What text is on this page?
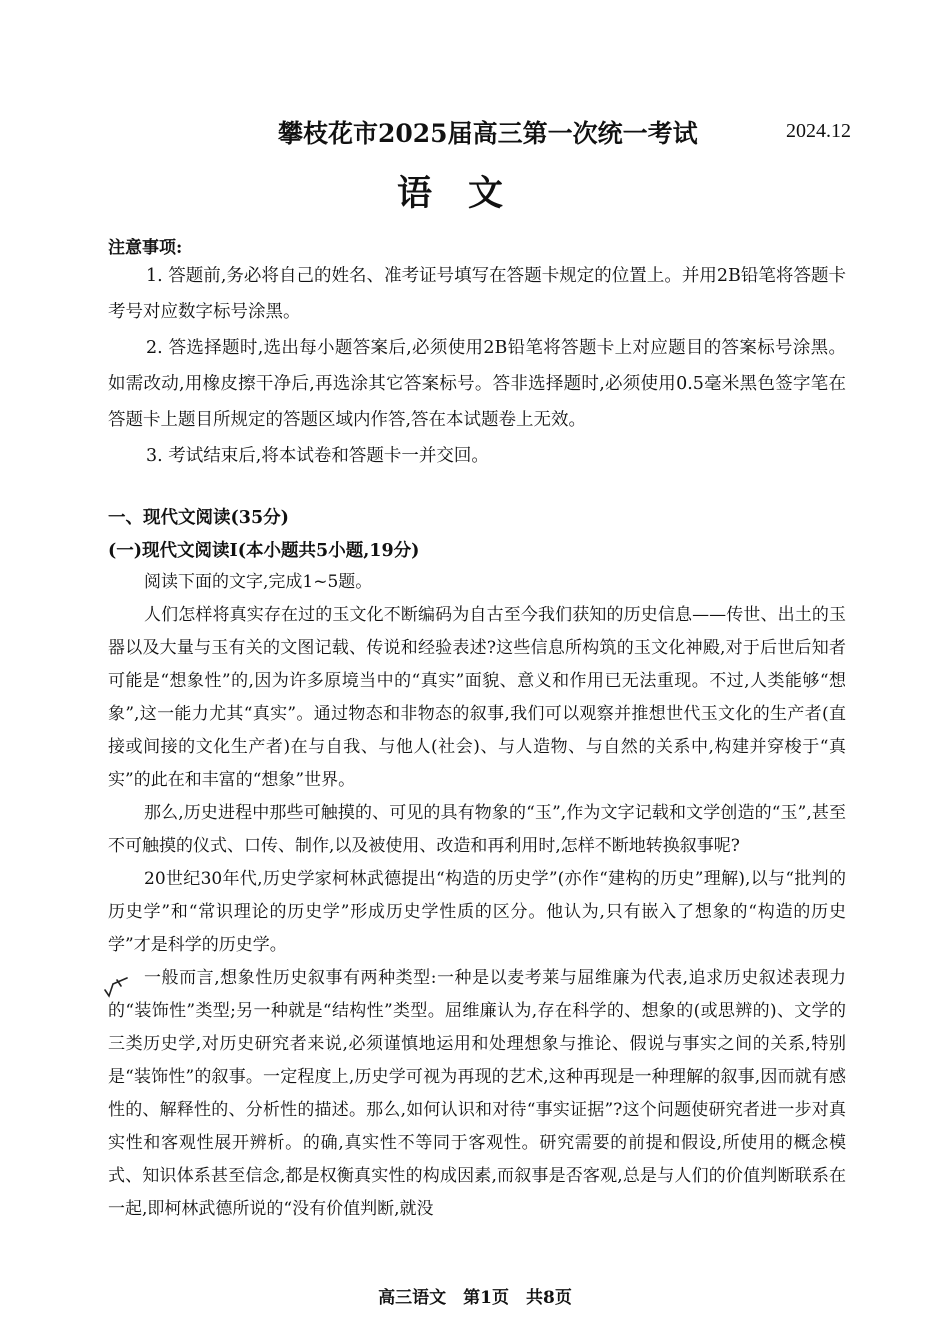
攀枝花市2025届高三第一次统一考试	2024.12
语文
注意事项:

1. 答题前,务必将自己的姓名、准考证号填写在答题卡规定的位置上。并用2B铅笔将答题卡考号对应数字标号涂黑。

2. 答选择题时,选出每小题答案后,必须使用2B铅笔将答题卡上对应题目的答案标号涂黑。如需改动,用橡皮擦干净后,再选涂其它答案标号。答非选择题时,必须使用0.5毫米黑色签字笔在答题卡上题目所规定的答题区域内作答,答在本试题卷上无效。

3. 考试结束后,将本试卷和答题卡一并交回。

一、现代文阅读(35分)
(一)现代文阅读Ⅰ(本小题共5小题,19分)

阅读下面的文字,完成1~5题。

人们怎样将真实存在过的玉文化不断编码为自古至今我们获知的历史信息——传世、出土的玉器以及大量与玉有关的文图记载、传说和经验表述?这些信息所构筑的玉文化神殿,对于后世后知者可能是“想象性”的,因为许多原境当中的“真实”面貌、意义和作用已无法重现。不过,人类能够“想象”,这一能力尤其“真实”。通过物态和非物态的叙事,我们可以观察并推想世代玉文化的生产者(直接或间接的文化生产者)在与自我、与他人(社会)、与人造物、与自然的关系中,构建并穿梭于“真实”的此在和丰富的“想象”世界。

那么,历史进程中那些可触摸的、可见的具有物象的“玉”,作为文字记载和文学创造的“玉”,甚至不可触摸的仪式、口传、制作,以及被使用、改造和再利用时,怎样不断地转换叙事呢?

20世纪30年代,历史学家柯林武德提出“构造的历史学”(亦作“建构的历史”理解),以与“批判的历史学”和“常识理论的历史学”形成历史学性质的区分。他认为,只有嵌入了想象的“构造的历史学”才是科学的历史学。

一般而言,想象性历史叙事有两种类型:一种是以麦考莱与屈维廉为代表,追求历史叙述表现力的“装饰性”类型;另一种就是“结构性”类型。屈维廉认为,存在科学的、想象的(或思辨的)、文学的三类历史学,对历史研究者来说,必须谨慎地运用和处理想象与推论、假说与事实之间的关系,特别是“装饰性”的叙事。一定程度上,历史学可视为再现的艺术,这种再现是一种理解的叙事,因而就有感性的、解释性的、分析性的描述。那么,如何认识和对待“事实证据”?这个问题使研究者进一步对真实性和客观性展开辨析。的确,真实性不等同于客观性。研究需要的前提和假设,所使用的概念模式、知识体系甚至信念,都是权衡真实性的构成因素,而叙事是否客观,总是与人们的价值判断联系在一起,即柯林武德所说的“没有价值判断,就没

高三语文　第1页　共8页
